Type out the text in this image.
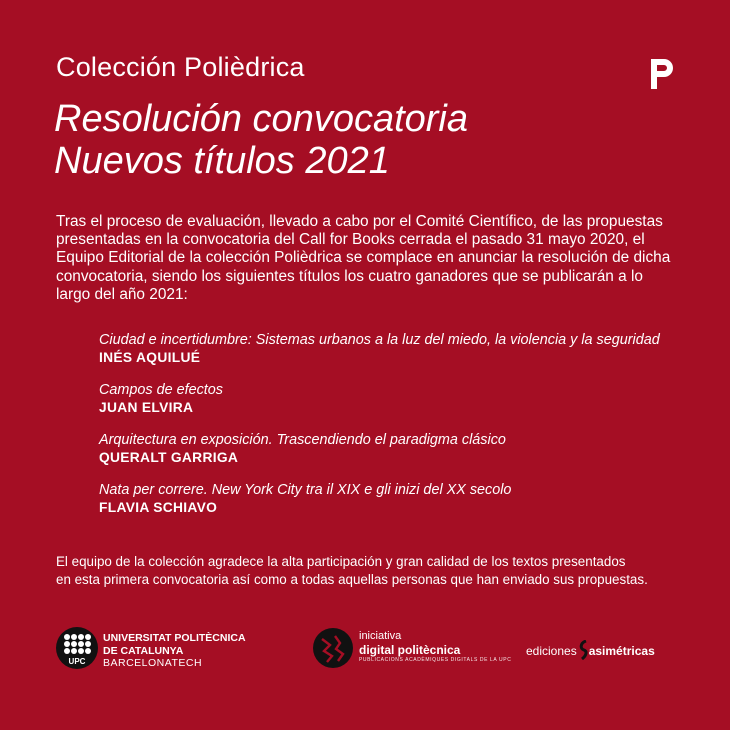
Colección Polièdrica
Resolución convocatoria
Nuevos títulos 2021

Tras el proceso de evaluación, llevado a cabo por el Comité Científico, de las propuestas presentadas en la convocatoria del Call for Books cerrada el pasado 31 mayo 2020, el Equipo Editorial de la colección Polièdrica se complace en anunciar la resolución de dicha convocatoria, siendo los siguientes títulos los cuatro ganadores que se publicarán a lo largo del año 2021:

Ciudad e incertidumbre: Sistemas urbanos a la luz del miedo, la violencia y la seguridad
INÉS AQUILUÉ
Campos de efectos
JUAN ELVIRA
Arquitectura en exposición. Trascendiendo el paradigma clásico
QUERALT GARRIGA
Nata per correre. New York City tra il XIX e gli inizi del XX secolo
FLAVIA SCHIAVO
El equipo de la colección agradece la alta participación y gran calidad de los textos presentados
en esta primera convocatoria así como a todas aquellas personas que han enviado sus propuestas.
UPC
UNIVERSITAT POLITÈCNICA
DE CATALUNYA
BARCELONATECH
iniciativa
digital politècnica
PUBLICACIONS ACADÈMIQUES DIGITALS DE LA UPC
ediciones asimétricas
